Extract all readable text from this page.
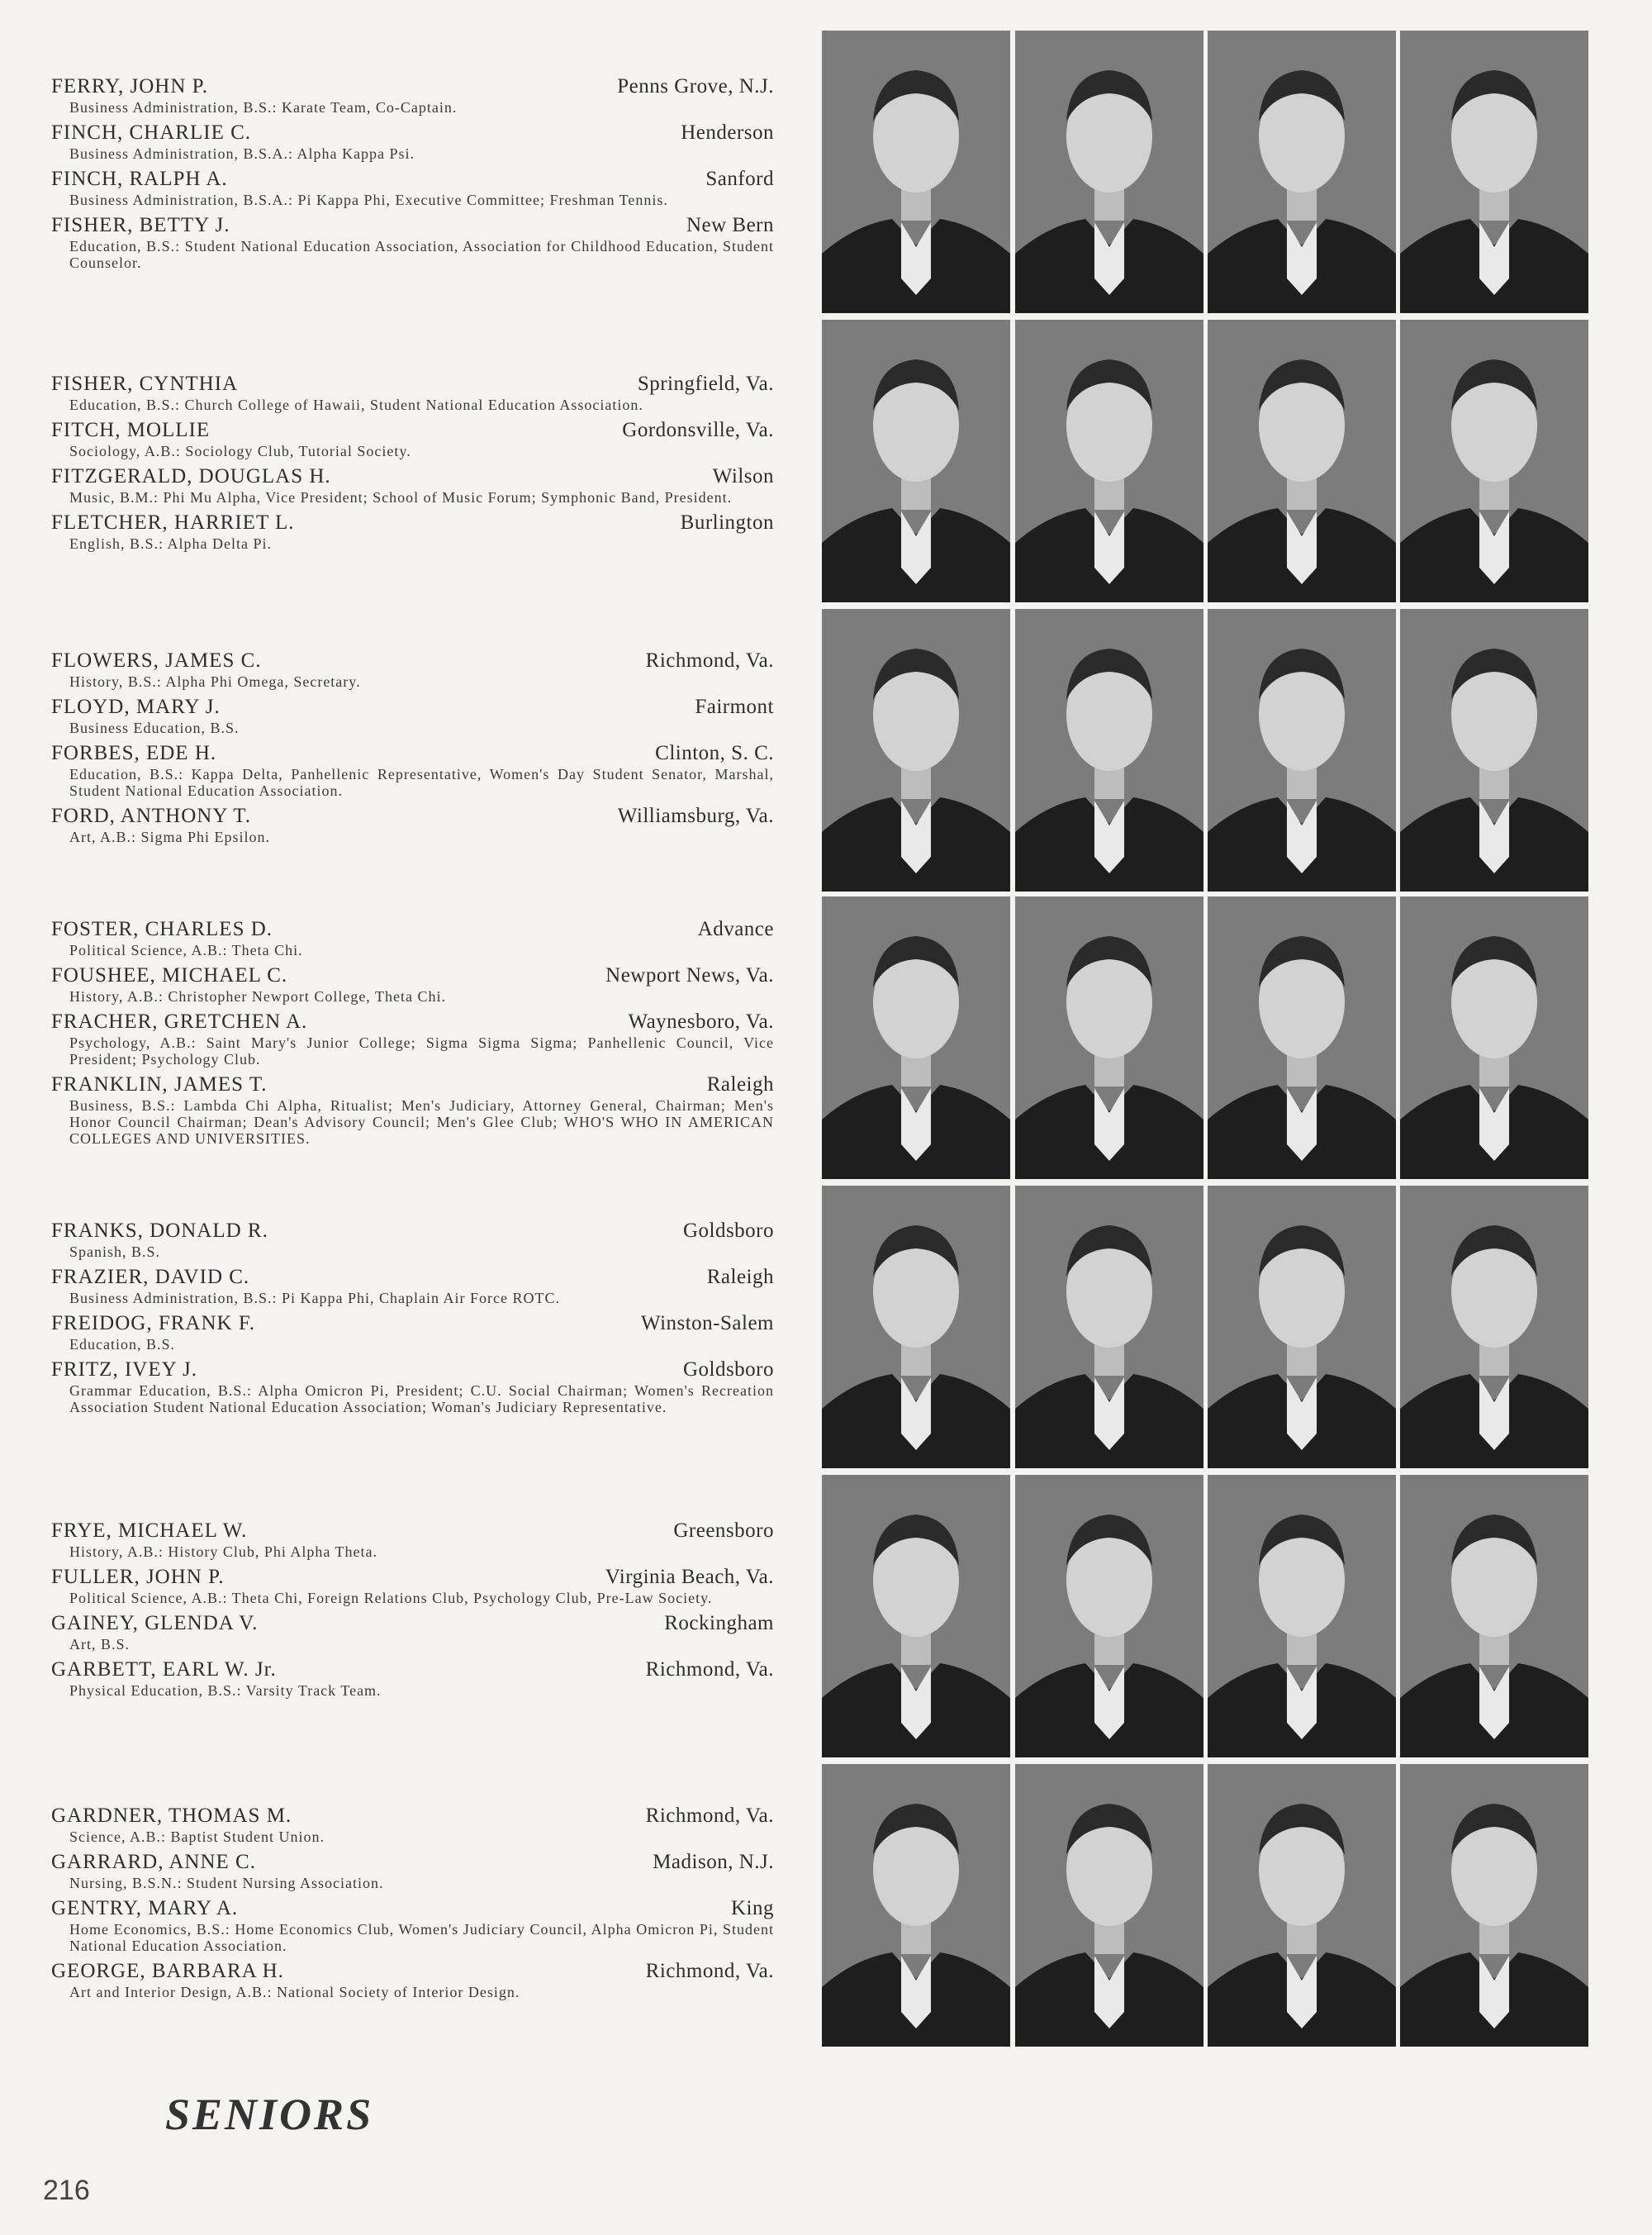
FERRY, JOHN P.	Penns Grove, N.J.
Business Administration, B.S.: Karate Team, Co-Captain.
FINCH, CHARLIE C.	Henderson
Business Administration, B.S.A.: Alpha Kappa Psi.
FINCH, RALPH A.	Sanford
Business Administration, B.S.A.: Pi Kappa Phi, Executive Committee; Freshman Tennis.
FISHER, BETTY J.	New Bern
Education, B.S.: Student National Education Association, Association for Childhood Education, Student Counselor.
FISHER, CYNTHIA	Springfield, Va.
Education, B.S.: Church College of Hawaii, Student National Education Association.
FITCH, MOLLIE	Gordonsville, Va.
Sociology, A.B.: Sociology Club, Tutorial Society.
FITZGERALD, DOUGLAS H.	Wilson
Music, B.M.: Phi Mu Alpha, Vice President; School of Music Forum; Symphonic Band, President.
FLETCHER, HARRIET L.	Burlington
English, B.S.: Alpha Delta Pi.
FLOWERS, JAMES C.	Richmond, Va.
History, B.S.: Alpha Phi Omega, Secretary.
FLOYD, MARY J.	Fairmont
Business Education, B.S.
FORBES, EDE H.	Clinton, S. C.
Education, B.S.: Kappa Delta, Panhellenic Representative, Women's Day Student Senator, Marshal, Student National Education Association.
FORD, ANTHONY T.	Williamsburg, Va.
Art, A.B.: Sigma Phi Epsilon.
FOSTER, CHARLES D.	Advance
Political Science, A.B.: Theta Chi.
FOUSHEE, MICHAEL C.	Newport News, Va.
History, A.B.: Christopher Newport College, Theta Chi.
FRACHER, GRETCHEN A.	Waynesboro, Va.
Psychology, A.B.: Saint Mary's Junior College; Sigma Sigma Sigma; Panhellenic Council, Vice President; Psychology Club.
FRANKLIN, JAMES T.	Raleigh
Business, B.S.: Lambda Chi Alpha, Ritualist; Men's Judiciary, Attorney General, Chairman; Men's Honor Council Chairman; Dean's Advisory Council; Men's Glee Club; WHO'S WHO IN AMERICAN COLLEGES AND UNIVERSITIES.
FRANKS, DONALD R.	Goldsboro
Spanish, B.S.
FRAZIER, DAVID C.	Raleigh
Business Administration, B.S.: Pi Kappa Phi, Chaplain Air Force ROTC.
FREIDOG, FRANK F.	Winston-Salem
Education, B.S.
FRITZ, IVEY J.	Goldsboro
Grammar Education, B.S.: Alpha Omicron Pi, President; C.U. Social Chairman; Women's Recreation Association Student National Education Association; Woman's Judiciary Representative.
FRYE, MICHAEL W.	Greensboro
History, A.B.: History Club, Phi Alpha Theta.
FULLER, JOHN P.	Virginia Beach, Va.
Political Science, A.B.: Theta Chi, Foreign Relations Club, Psychology Club, Pre-Law Society.
GAINEY, GLENDA V.	Rockingham
Art, B.S.
GARBETT, EARL W. Jr.	Richmond, Va.
Physical Education, B.S.: Varsity Track Team.
GARDNER, THOMAS M.	Richmond, Va.
Science, A.B.: Baptist Student Union.
GARRARD, ANNE C.	Madison, N.J.
Nursing, B.S.N.: Student Nursing Association.
GENTRY, MARY A.	King
Home Economics, B.S.: Home Economics Club, Women's Judiciary Council, Alpha Omicron Pi, Student National Education Association.
GEORGE, BARBARA H.	Richmond, Va.
Art and Interior Design, A.B.: National Society of Interior Design.
SENIORS
216
